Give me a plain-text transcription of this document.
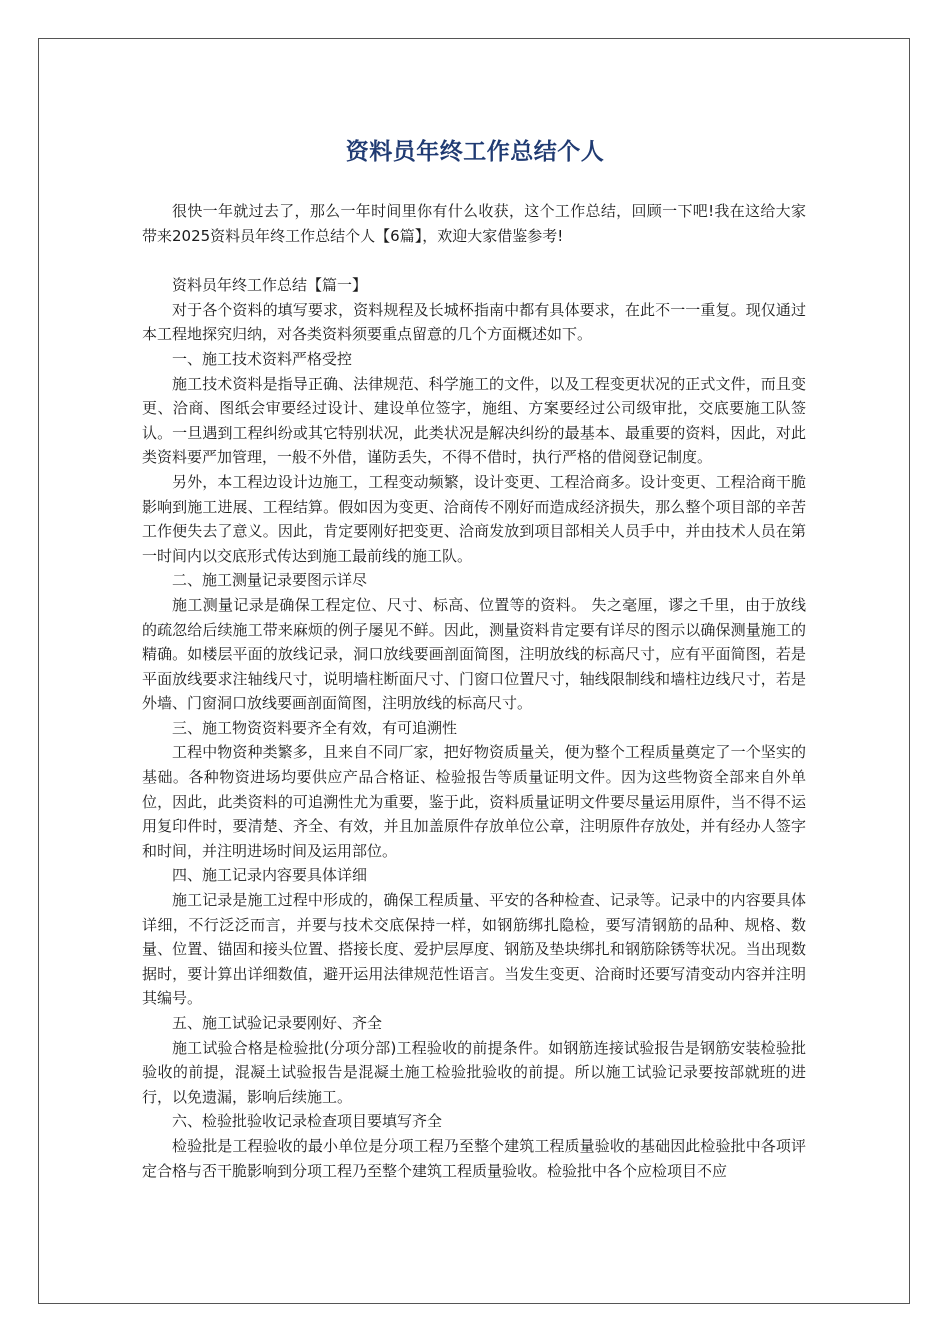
资料员年终工作总结个人

很快一年就过去了，那么一年时间里你有什么收获，这个工作总结，回顾一下吧!我在这给大家带来2025资料员年终工作总结个人【6篇】，欢迎大家借鉴参考!

资料员年终工作总结【篇一】

对于各个资料的填写要求，资料规程及长城杯指南中都有具体要求，在此不一一重复。现仅通过本工程地探究归纳，对各类资料须要重点留意的几个方面概述如下。

一、施工技术资料严格受控

施工技术资料是指导正确、法律规范、科学施工的文件，以及工程变更状况的正式文件，而且变更、洽商、图纸会审要经过设计、建设单位签字，施组、方案要经过公司级审批，交底要施工队签认。一旦遇到工程纠纷或其它特别状况，此类状况是解决纠纷的最基本、最重要的资料，因此，对此类资料要严加管理，一般不外借，谨防丢失，不得不借时，执行严格的借阅登记制度。

另外，本工程边设计边施工，工程变动频繁，设计变更、工程洽商多。设计变更、工程洽商干脆影响到施工进展、工程结算。假如因为变更、洽商传不刚好而造成经济损失，那么整个项目部的辛苦工作便失去了意义。因此，肯定要刚好把变更、洽商发放到项目部相关人员手中，并由技术人员在第一时间内以交底形式传达到施工最前线的施工队。

二、施工测量记录要图示详尽

施工测量记录是确保工程定位、尺寸、标高、位置等的资料。 失之毫厘，谬之千里，由于放线的疏忽给后续施工带来麻烦的例子屡见不鲜。因此，测量资料肯定要有详尽的图示以确保测量施工的精确。如楼层平面的放线记录，洞口放线要画剖面简图，注明放线的标高尺寸，应有平面简图，若是平面放线要求注轴线尺寸，说明墙柱断面尺寸、门窗口位置尺寸，轴线限制线和墙柱边线尺寸，若是外墙、门窗洞口放线要画剖面简图，注明放线的标高尺寸。

三、施工物资资料要齐全有效，有可追溯性

工程中物资种类繁多，且来自不同厂家，把好物资质量关，便为整个工程质量奠定了一个坚实的基础。各种物资进场均要供应产品合格证、检验报告等质量证明文件。因为这些物资全部来自外单位，因此，此类资料的可追溯性尤为重要，鉴于此，资料质量证明文件要尽量运用原件，当不得不运用复印件时，要清楚、齐全、有效，并且加盖原件存放单位公章，注明原件存放处，并有经办人签字和时间，并注明进场时间及运用部位。

四、施工记录内容要具体详细

施工记录是施工过程中形成的，确保工程质量、平安的各种检查、记录等。记录中的内容要具体详细，不行泛泛而言，并要与技术交底保持一样，如钢筋绑扎隐检，要写清钢筋的品种、规格、数量、位置、锚固和接头位置、搭接长度、爱护层厚度、钢筋及垫块绑扎和钢筋除锈等状况。当出现数据时，要计算出详细数值，避开运用法律规范性语言。当发生变更、洽商时还要写清变动内容并注明其编号。

五、施工试验记录要刚好、齐全

施工试验合格是检验批(分项分部)工程验收的前提条件。如钢筋连接试验报告是钢筋安装检验批验收的前提，混凝土试验报告是混凝土施工检验批验收的前提。所以施工试验记录要按部就班的进行，以免遗漏，影响后续施工。

六、检验批验收记录检查项目要填写齐全

检验批是工程验收的最小单位是分项工程乃至整个建筑工程质量验收的基础因此检验批中各项评定合格与否干脆影响到分项工程乃至整个建筑工程质量验收。检验批中各个应检项目不应
